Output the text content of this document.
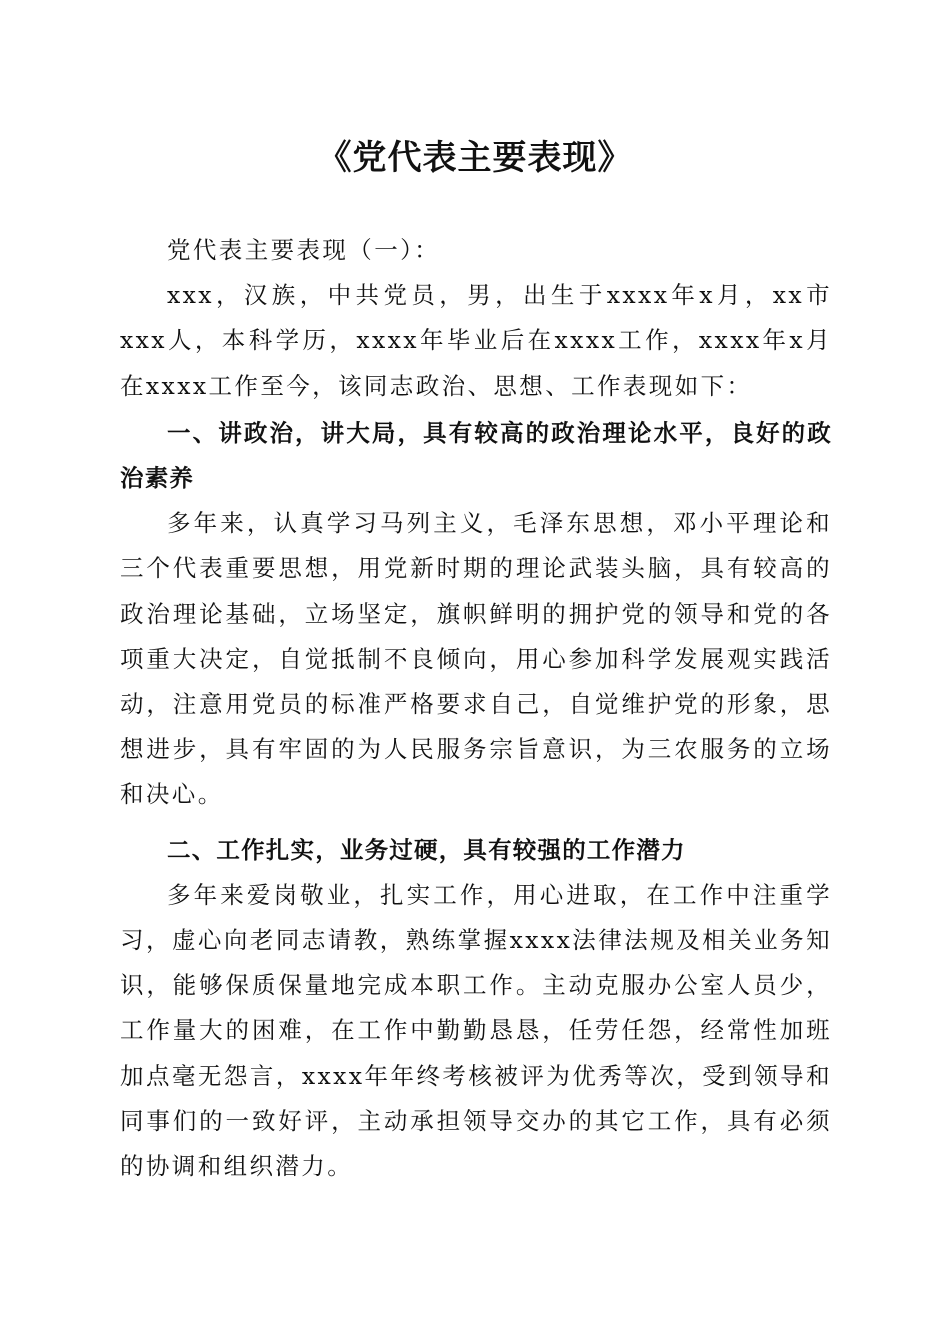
《党代表主要表现》

党代表主要表现（一）：

xxx，汉族，中共党员，男，出生于xxxx年x月，xx市xxx人，本科学历，xxxx年毕业后在xxxx工作，xxxx年x月在xxxx工作至今，该同志政治、思想、工作表现如下：

一、讲政治，讲大局，具有较高的政治理论水平，良好的政治素养

多年来，认真学习马列主义，毛泽东思想，邓小平理论和三个代表重要思想，用党新时期的理论武装头脑，具有较高的政治理论基础，立场坚定，旗帜鲜明的拥护党的领导和党的各项重大决定，自觉抵制不良倾向，用心参加科学发展观实践活动，注意用党员的标准严格要求自己，自觉维护党的形象，思想进步，具有牢固的为人民服务宗旨意识，为三农服务的立场和决心。

二、工作扎实，业务过硬，具有较强的工作潜力

多年来爱岗敬业，扎实工作，用心进取，在工作中注重学习，虚心向老同志请教，熟练掌握xxxx法律法规及相关业务知识，能够保质保量地完成本职工作。主动克服办公室人员少，工作量大的困难，在工作中勤勤恳恳，任劳任怨，经常性加班加点毫无怨言，xxxx年年终考核被评为优秀等次，受到领导和同事们的一致好评，主动承担领导交办的其它工作，具有必须的协调和组织潜力。
